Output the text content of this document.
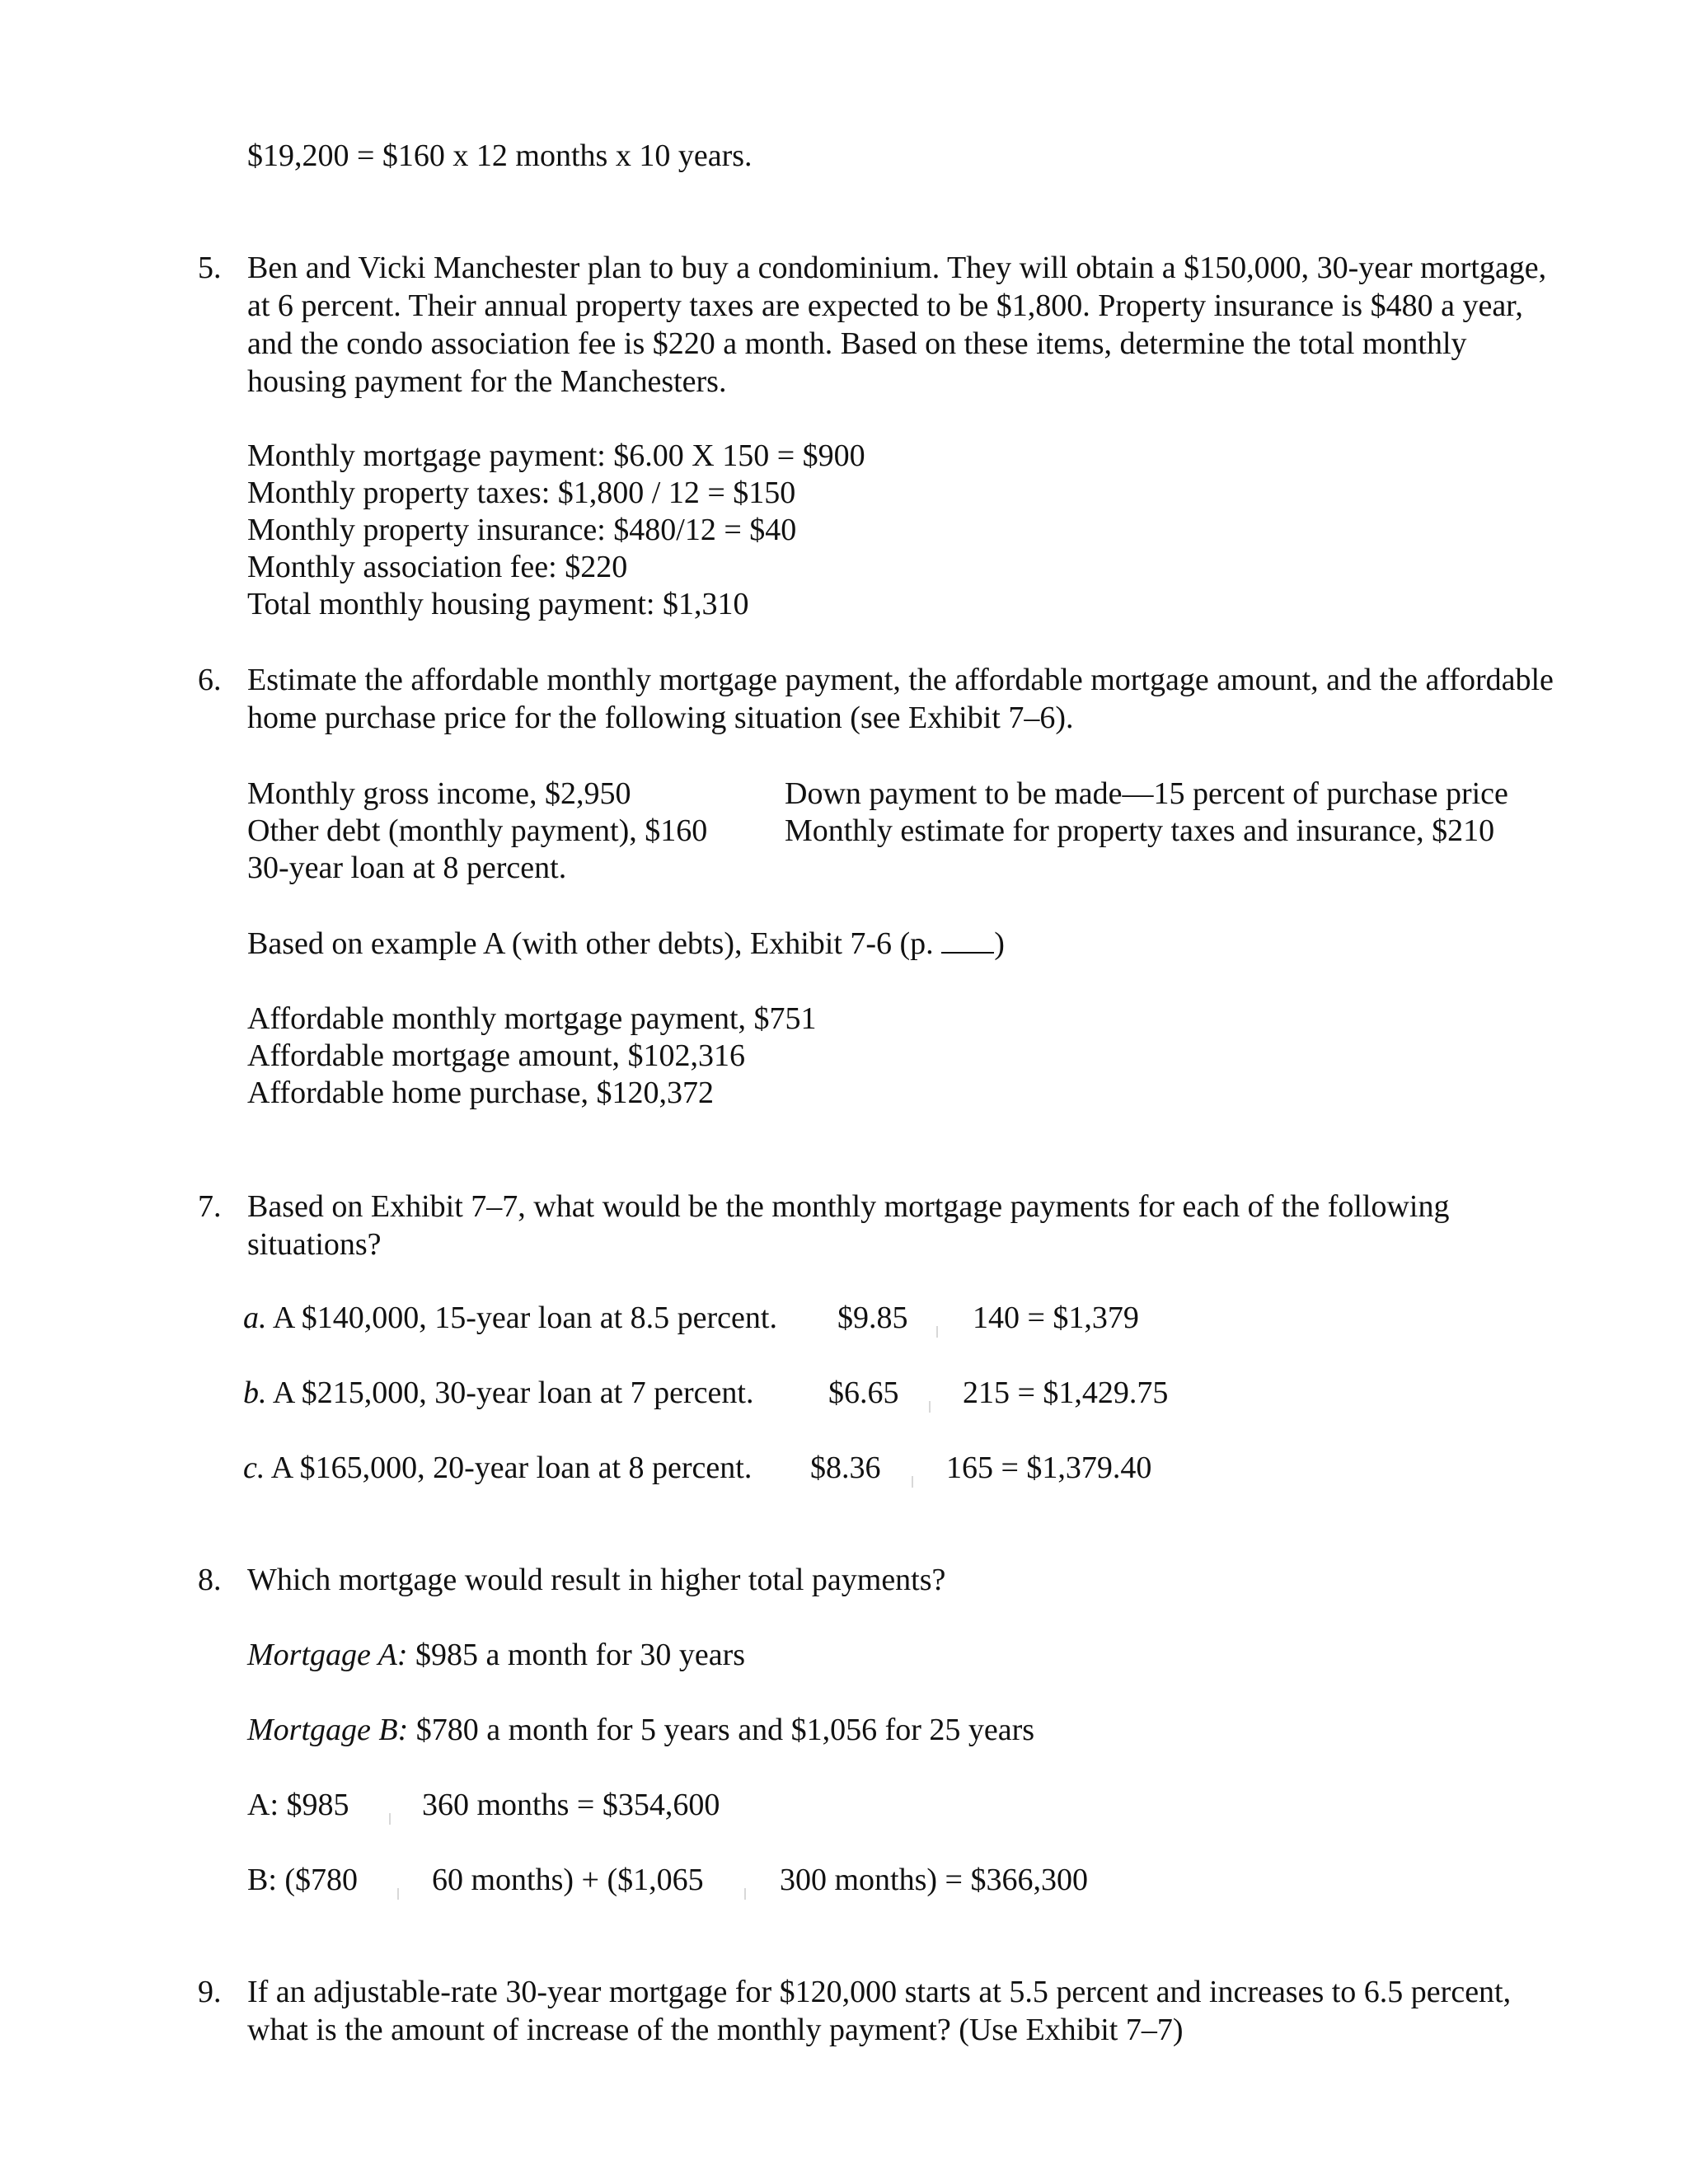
$19,200 = $160 x 12 months x 10 years.
5. Ben and Vicki Manchester plan to buy a condominium. They will obtain a $150,000, 30-year mortgage, at 6 percent. Their annual property taxes are expected to be $1,800. Property insurance is $480 a year, and the condo association fee is $220 a month. Based on these items, determine the total monthly housing payment for the Manchesters.
Monthly mortgage payment: $6.00 X 150 = $900
Monthly property taxes: $1,800 / 12 = $150
Monthly property insurance: $480/12 = $40
Monthly association fee: $220
Total monthly housing payment: $1,310
6. Estimate the affordable monthly mortgage payment, the affordable mortgage amount, and the affordable home purchase price for the following situation (see Exhibit 7–6).
Monthly gross income, $2,950
Other debt (monthly payment), $160
30-year loan at 8 percent.
Down payment to be made—15 percent of purchase price
Monthly estimate for property taxes and insurance, $210
Based on example A (with other debts), Exhibit 7-6 (p. )
Affordable monthly mortgage payment, $751
Affordable mortgage amount, $102,316
Affordable home purchase, $120,372
7. Based on Exhibit 7–7, what would be the monthly mortgage payments for each of the following situations?
a. A $140,000, 15-year loan at 8.5 percent. $9.85 140 = $1,379
b. A $215,000, 30-year loan at 7 percent. $6.65 215 = $1,429.75
c. A $165,000, 20-year loan at 8 percent. $8.36 165 = $1,379.40
8. Which mortgage would result in higher total payments?
Mortgage A: $985 a month for 30 years
Mortgage B: $780 a month for 5 years and $1,056 for 25 years
A: $985 360 months = $354,600
B: ($780 60 months) + ($1,065 300 months) = $366,300
9. If an adjustable-rate 30-year mortgage for $120,000 starts at 5.5 percent and increases to 6.5 percent, what is the amount of increase of the monthly payment? (Use Exhibit 7–7)
